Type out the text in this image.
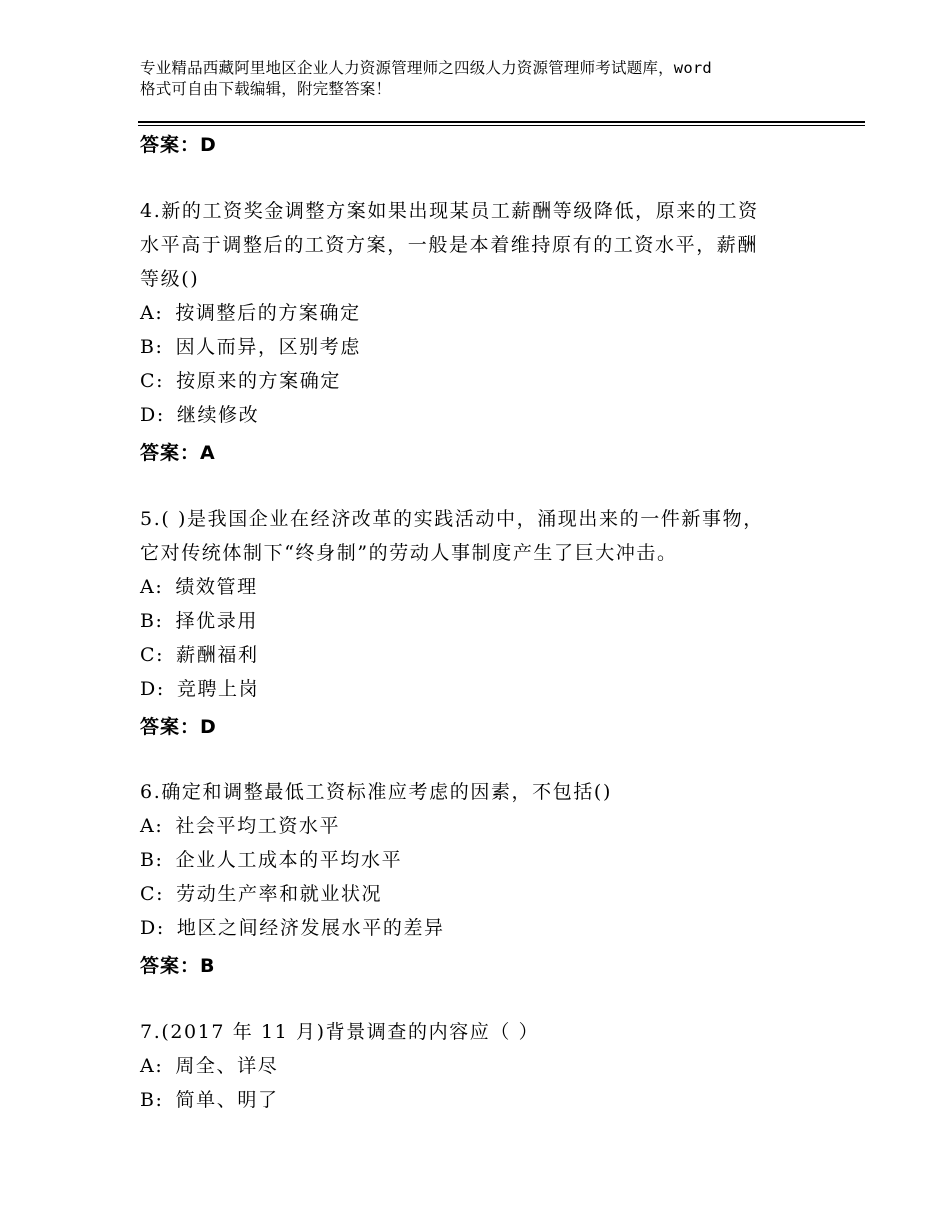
专业精品西藏阿里地区企业人力资源管理师之四级人力资源管理师考试题库，word
格式可自由下载编辑，附完整答案！
答案：D
4.新的工资奖金调整方案如果出现某员工薪酬等级降低，原来的工资
水平高于调整后的工资方案，一般是本着维持原有的工资水平，薪酬
等级()
A: 按调整后的方案确定
B: 因人而异，区别考虑
C: 按原来的方案确定
D: 继续修改
答案：A
5.( )是我国企业在经济改革的实践活动中，涌现出来的一件新事物，
它对传统体制下“终身制”的劳动人事制度产生了巨大冲击。
A: 绩效管理
B: 择优录用
C: 薪酬福利
D: 竞聘上岗
答案：D
6.确定和调整最低工资标准应考虑的因素，不包括()
A: 社会平均工资水平
B: 企业人工成本的平均水平
C: 劳动生产率和就业状况
D: 地区之间经济发展水平的差异
答案：B
7.(2017 年 11 月)背景调查的内容应（ ）
A: 周全、详尽
B: 简单、明了
